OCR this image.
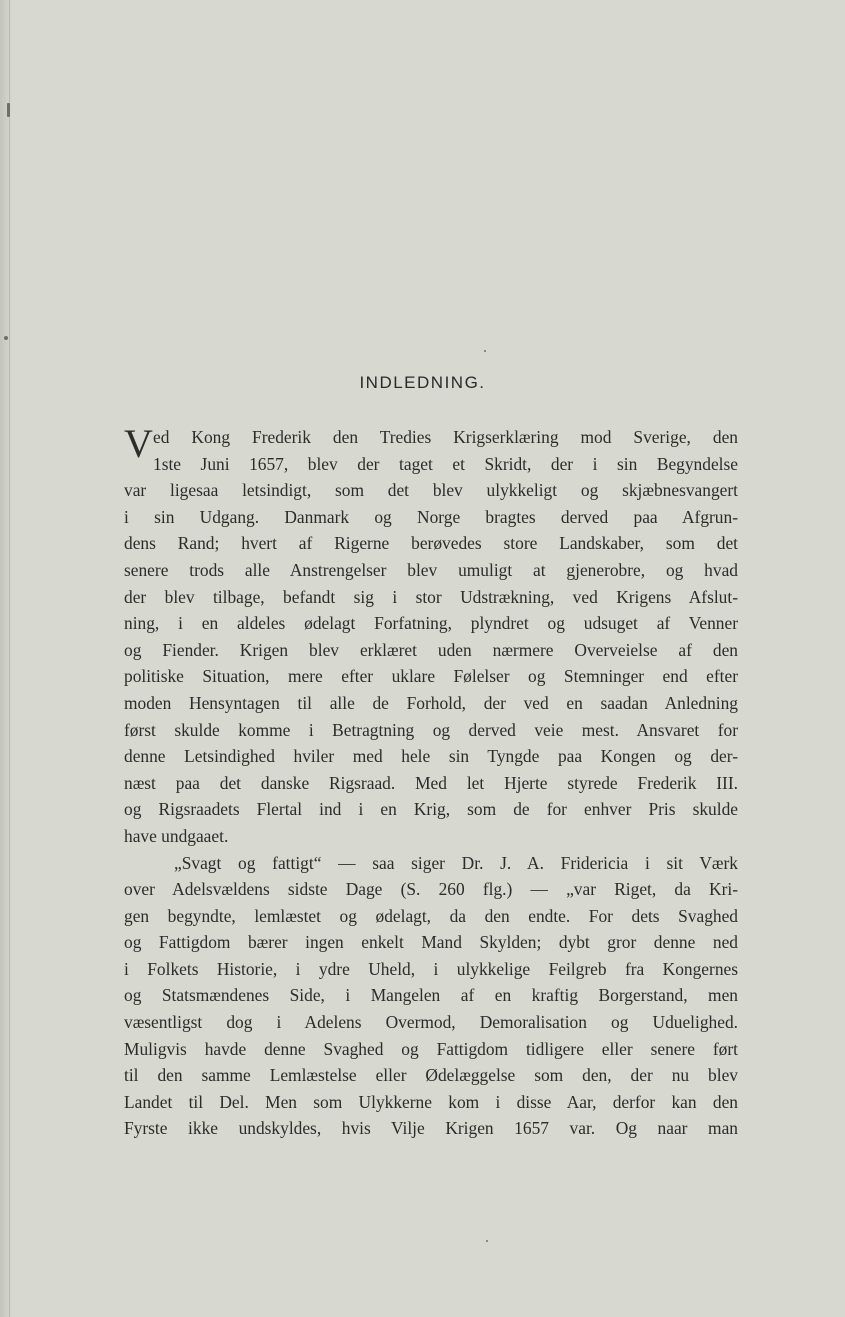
INDLEDNING.
V ed Kong Frederik den Tredies Krigserklæring mod Sverige, den
1ste Juni 1657, blev der taget et Skridt, der i sin Begyndelse
var ligesaa letsindigt, som det blev ulykkeligt og skjæbnesvangert
i sin Udgang. Danmark og Norge bragtes derved paa Afgrun-
dens Rand; hvert af Rigerne berøvedes store Landskaber, som det
senere trods alle Anstrengelser blev umuligt at gjenerobre, og hvad
der blev tilbage, befandt sig i stor Udstrækning, ved Krigens Afslut-
ning, i en aldeles ødelagt Forfatning, plyndret og udsuget af Venner
og Fiender. Krigen blev erklæret uden nærmere Overveielse af den
politiske Situation, mere efter uklare Følelser og Stemninger end efter
moden Hensyntagen til alle de Forhold, der ved en saadan Anledning
først skulde komme i Betragtning og derved veie mest. Ansvaret for
denne Letsindighed hviler med hele sin Tyngde paa Kongen og der-
næst paa det danske Rigsraad. Med let Hjerte styrede Frederik III.
og Rigsraadets Flertal ind i en Krig, som de for enhver Pris skulde
have undgaaet.
„Svagt og fattigt“ — saa siger Dr. J. A. Fridericia i sit Værk
over Adelsvældens sidste Dage (S. 260 flg.) — „var Riget, da Kri-
gen begyndte, lemlæstet og ødelagt, da den endte. For dets Svaghed
og Fattigdom bærer ingen enkelt Mand Skylden; dybt gror denne ned
i Folkets Historie, i ydre Uheld, i ulykkelige Feilgreb fra Kongernes
og Statsmændenes Side, i Mangelen af en kraftig Borgerstand, men
væsentligst dog i Adelens Overmod, Demoralisation og Uduelighed.
Muligvis havde denne Svaghed og Fattigdom tidligere eller senere ført
til den samme Lemlæstelse eller Ødelæggelse som den, der nu blev
Landet til Del. Men som Ulykkerne kom i disse Aar, derfor kan den
Fyrste ikke undskyldes, hvis Vilje Krigen 1657 var. Og naar man
